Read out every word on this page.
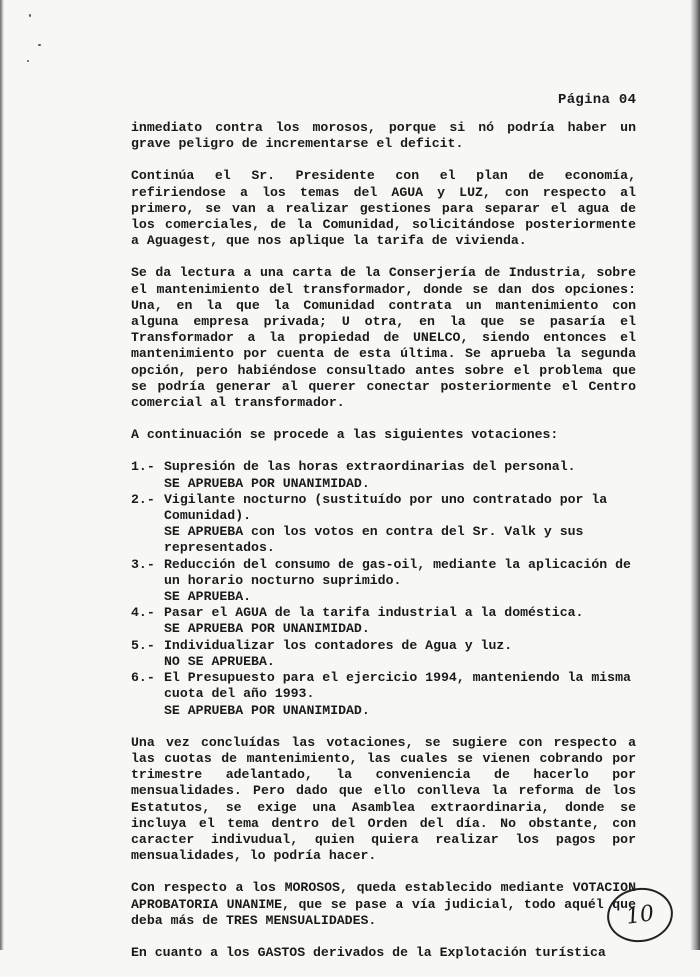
Página 04

inmediato contra los morosos, porque si nó podría haber un grave peligro de incrementarse el deficit.

Continúa el Sr. Presidente con el plan de economía, refiriendose a los temas del AGUA y LUZ, con respecto al primero, se van a realizar gestiones para separar el agua de los comerciales, de la Comunidad, solicitándose posteriormente a Aguagest, que nos aplique la tarifa de vivienda.

Se da lectura a una carta de la Conserjería de Industria, sobre el mantenimiento del transformador, donde se dan dos opciones: Una, en la que la Comunidad contrata un mantenimiento con alguna empresa privada; U otra, en la que se pasaría el Transformador a la propiedad de UNELCO, siendo entonces el mantenimiento por cuenta de esta última. Se aprueba la segunda opción, pero habiéndose consultado antes sobre el problema que se podría generar al querer conectar posteriormente el Centro comercial al transformador.

A continuación se procede a las siguientes votaciones:

1.- Supresión de las horas extraordinarias del personal.
SE APRUEBA POR UNANIMIDAD.
2.- Vigilante nocturno (sustituído por uno contratado por la Comunidad).
SE APRUEBA con los votos en contra del Sr. Valk y sus representados.
3.- Reducción del consumo de gas-oil, mediante la aplicación de un horario nocturno suprimido.
SE APRUEBA.
4.- Pasar el AGUA de la tarifa industrial a la doméstica.
SE APRUEBA POR UNANIMIDAD.
5.- Individualizar los contadores de Agua y luz.
NO SE APRUEBA.
6.- El Presupuesto para el ejercicio 1994, manteniendo la misma cuota del año 1993.
SE APRUEBA POR UNANIMIDAD.

Una vez concluídas las votaciones, se sugiere con respecto a las cuotas de mantenimiento, las cuales se vienen cobrando por trimestre adelantado, la conveniencia de hacerlo por mensualidades. Pero dado que ello conlleva la reforma de los Estatutos, se exige una Asamblea extraordinaria, donde se incluya el tema dentro del Orden del día. No obstante, con caracter indivudual, quien quiera realizar los pagos por mensualidades, lo podría hacer.

Con respecto a los MOROSOS, queda establecido mediante VOTACION APROBATORIA UNANIME, que se pase a vía judicial, todo aquél que deba más de TRES MENSUALIDADES.

En cuanto a los GASTOS derivados de la Explotación turística

10
